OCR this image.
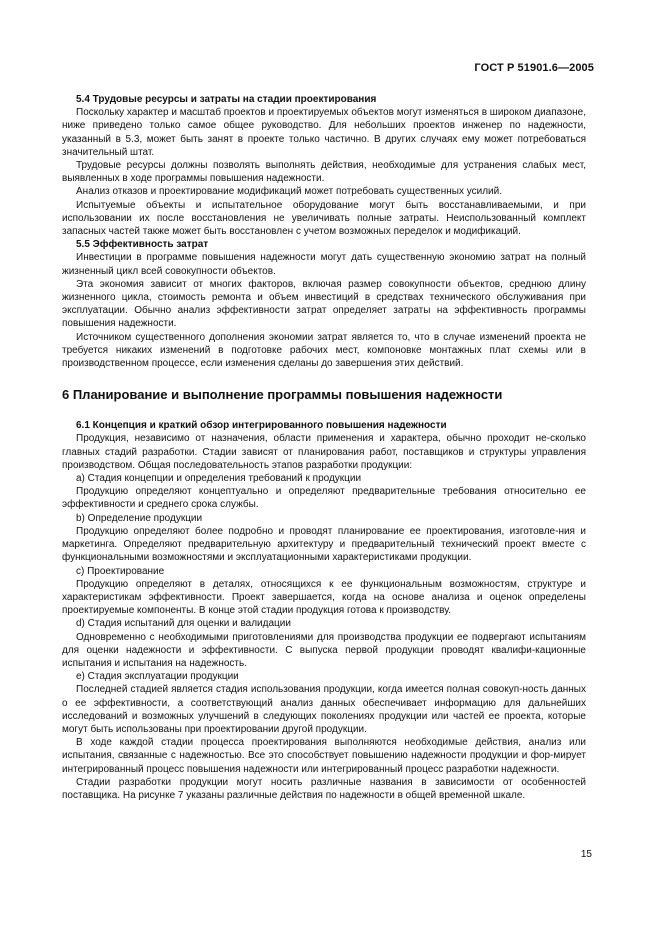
ГОСТ Р 51901.6—2005
5.4 Трудовые ресурсы и затраты на стадии проектирования

Поскольку характер и масштаб проектов и проектируемых объектов могут изменяться в широком диапазоне, ниже приведено только самое общее руководство. Для небольших проектов инженер по надежности, указанный в 5.3, может быть занят в проекте только частично. В других случаях ему может потребоваться значительный штат.

Трудовые ресурсы должны позволять выполнять действия, необходимые для устранения слабых мест, выявленных в ходе программы повышения надежности.

Анализ отказов и проектирование модификаций может потребовать существенных усилий.

Испытуемые объекты и испытательное оборудование могут быть восстанавливаемыми, и при использовании их после восстановления не увеличивать полные затраты. Неиспользованный комплект запасных частей также может быть восстановлен с учетом возможных переделок и модификаций.

5.5 Эффективность затрат

Инвестиции в программе повышения надежности могут дать существенную экономию затрат на полный жизненный цикл всей совокупности объектов.

Эта экономия зависит от многих факторов, включая размер совокупности объектов, среднюю длину жизненного цикла, стоимость ремонта и объем инвестиций в средствах технического обслуживания при эксплуатации. Обычно анализ эффективности затрат определяет затраты на эффективность программы повышения надежности.

Источником существенного дополнения экономии затрат является то, что в случае изменений проекта не требуется никаких изменений в подготовке рабочих мест, компоновке монтажных плат схемы или в производственном процессе, если изменения сделаны до завершения этих действий.

6 Планирование и выполнение программы повышения надежности
6.1 Концепция и краткий обзор интегрированного повышения надежности

Продукция, независимо от назначения, области применения и характера, обычно проходит не-сколько главных стадий разработки. Стадии зависят от планирования работ, поставщиков и структуры управления производством. Общая последовательность этапов разработки продукции:

a) Стадия концепции и определения требований к продукции

Продукцию определяют концептуально и определяют предварительные требования относительно ее эффективности и среднего срока службы.

b) Определение продукции

Продукцию определяют более подробно и проводят планирование ее проектирования, изготовле-ния и маркетинга. Определяют предварительную архитектуру и предварительный технический проект вместе с функциональными возможностями и эксплуатационными характеристиками продукции.

c) Проектирование

Продукцию определяют в деталях, относящихся к ее функциональным возможностям, структуре и характеристикам эффективности. Проект завершается, когда на основе анализа и оценок определены проектируемые компоненты. В конце этой стадии продукция готова к производству.

d) Стадия испытаний для оценки и валидации

Одновременно с необходимыми приготовлениями для производства продукции ее подвергают испытаниям для оценки надежности и эффективности. С выпуска первой продукции проводят квалифи-кационные испытания и испытания на надежность.

e) Стадия эксплуатации продукции

Последней стадией является стадия использования продукции, когда имеется полная совокуп-ность данных о ее эффективности, а соответствующий анализ данных обеспечивает информацию для дальнейших исследований и возможных улучшений в следующих поколениях продукции или частей ее проекта, которые могут быть использованы при проектировании другой продукции.

В ходе каждой стадии процесса проектирования выполняются необходимые действия, анализ или испытания, связанные с надежностью. Все это способствует повышению надежности продукции и фор-мирует интегрированный процесс повышения надежности или интегрированный процесс разработки надежности.

Стадии разработки продукции могут носить различные названия в зависимости от особенностей поставщика. На рисунке 7 указаны различные действия по надежности в общей временной шкале.

15
